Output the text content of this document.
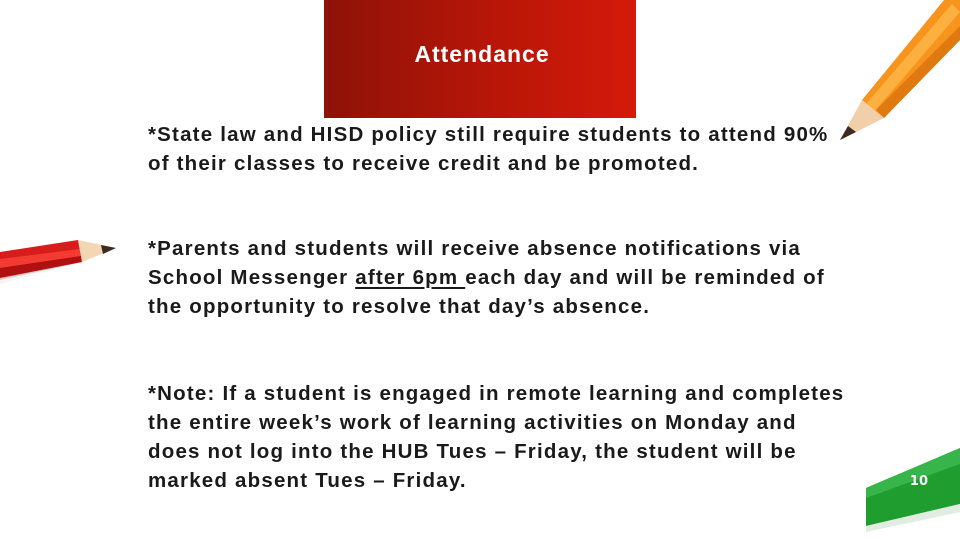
Attendance

*State law and HISD policy still require students to attend 90% of their classes to receive credit and be promoted.

*Parents and students will receive absence notifications via School Messenger after 6pm each day and will be reminded of the opportunity to resolve that day’s absence.

*Note: If a student is engaged in remote learning and completes the entire week’s work of learning activities on Monday and does not log into the HUB Tues – Friday, the student will be marked absent Tues – Friday.	10
